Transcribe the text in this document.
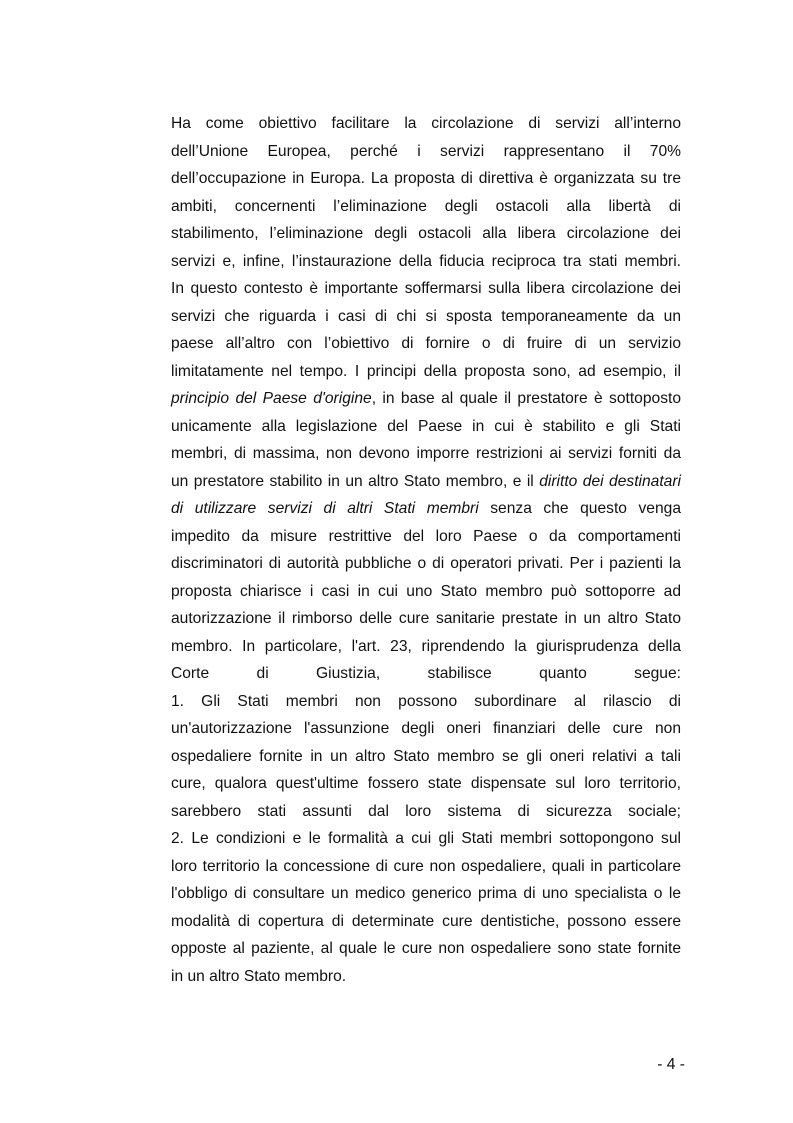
Ha come obiettivo facilitare la circolazione di servizi all’interno
dell’Unione Europea, perché i servizi rappresentano il 70%
dell’occupazione in Europa. La proposta di direttiva è organizzata su tre
ambiti, concernenti l’eliminazione degli ostacoli alla libertà di
stabilimento, l’eliminazione degli ostacoli alla libera circolazione dei
servizi e, infine, l’instaurazione della fiducia reciproca tra stati membri.
In questo contesto è importante soffermarsi sulla libera circolazione dei
servizi che riguarda i casi di chi si sposta temporaneamente da un
paese all’altro con l’obiettivo di fornire o di fruire di un servizio
limitatamente nel tempo. I principi della proposta sono, ad esempio, il
principio del Paese d'origine, in base al quale il prestatore è sottoposto
unicamente alla legislazione del Paese in cui è stabilito e gli Stati
membri, di massima, non devono imporre restrizioni ai servizi forniti da
un prestatore stabilito in un altro Stato membro, e il diritto dei destinatari
di utilizzare servizi di altri Stati membri senza che questo venga
impedito da misure restrittive del loro Paese o da comportamenti
discriminatori di autorità pubbliche o di operatori privati. Per i pazienti la
proposta chiarisce i casi in cui uno Stato membro può sottoporre ad
autorizzazione il rimborso delle cure sanitarie prestate in un altro Stato
membro. In particolare, l'art. 23, riprendendo la giurisprudenza della
Corte di Giustizia, stabilisce quanto segue:
1. Gli Stati membri non possono subordinare al rilascio di
un'autorizzazione l'assunzione degli oneri finanziari delle cure non
ospedaliere fornite in un altro Stato membro se gli oneri relativi a tali
cure, qualora quest'ultime fossero state dispensate sul loro territorio,
sarebbero stati assunti dal loro sistema di sicurezza sociale;
2. Le condizioni e le formalità a cui gli Stati membri sottopongono sul
loro territorio la concessione di cure non ospedaliere, quali in particolare
l'obbligo di consultare un medico generico prima di uno specialista o le
modalità di copertura di determinate cure dentistiche, possono essere
opposte al paziente, al quale le cure non ospedaliere sono state fornite
in un altro Stato membro.
- 4 -
